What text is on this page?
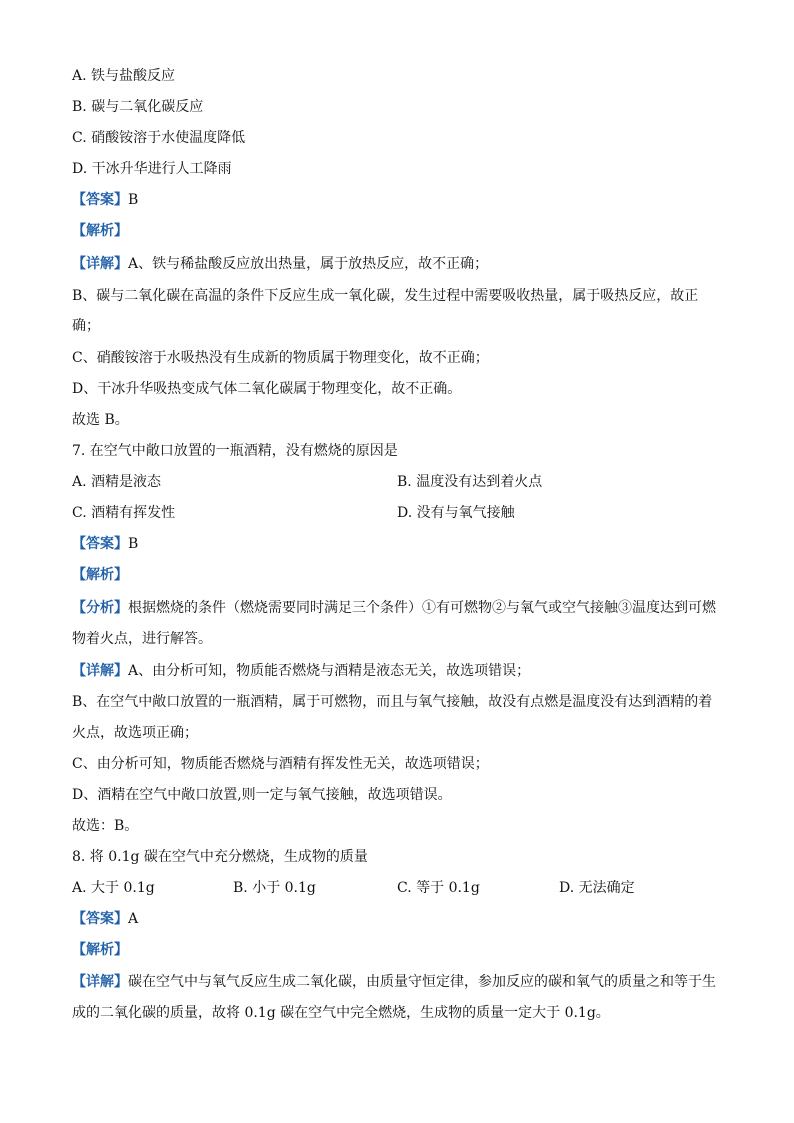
A. 铁与盐酸反应
B. 碳与二氧化碳反应
C. 硝酸铵溶于水使温度降低
D. 干冰升华进行人工降雨
【答案】B
【解析】
【详解】A、铁与稀盐酸反应放出热量，属于放热反应，故不正确；
B、碳与二氧化碳在高温的条件下反应生成一氧化碳，发生过程中需要吸收热量，属于吸热反应，故正
确；
C、硝酸铵溶于水吸热没有生成新的物质属于物理变化，故不正确；
D、干冰升华吸热变成气体二氧化碳属于物理变化，故不正确。
故选 B。
7. 在空气中敞口放置的一瓶酒精，没有燃烧的原因是
A. 酒精是液态	B. 温度没有达到着火点
C. 酒精有挥发性	D. 没有与氧气接触
【答案】B
【解析】
【分析】根据燃烧的条件（燃烧需要同时满足三个条件）①有可燃物②与氧气或空气接触③温度达到可燃
物着火点，进行解答。
【详解】A、由分析可知，物质能否燃烧与酒精是液态无关，故选项错误；
B、在空气中敞口放置的一瓶酒精，属于可燃物，而且与氧气接触，故没有点燃是温度没有达到酒精的着
火点，故选项正确；
C、由分析可知，物质能否燃烧与酒精有挥发性无关，故选项错误；
D、酒精在空气中敞口放置,则一定与氧气接触，故选项错误。
故选：B。
8. 将 0.1g 碳在空气中充分燃烧，生成物的质量
A. 大于 0.1g	B. 小于 0.1g	C. 等于 0.1g	D. 无法确定
【答案】A
【解析】
【详解】碳在空气中与氧气反应生成二氧化碳，由质量守恒定律，参加反应的碳和氧气的质量之和等于生
成的二氧化碳的质量，故将 0.1g 碳在空气中完全燃烧，生成物的质量一定大于 0.1g。
